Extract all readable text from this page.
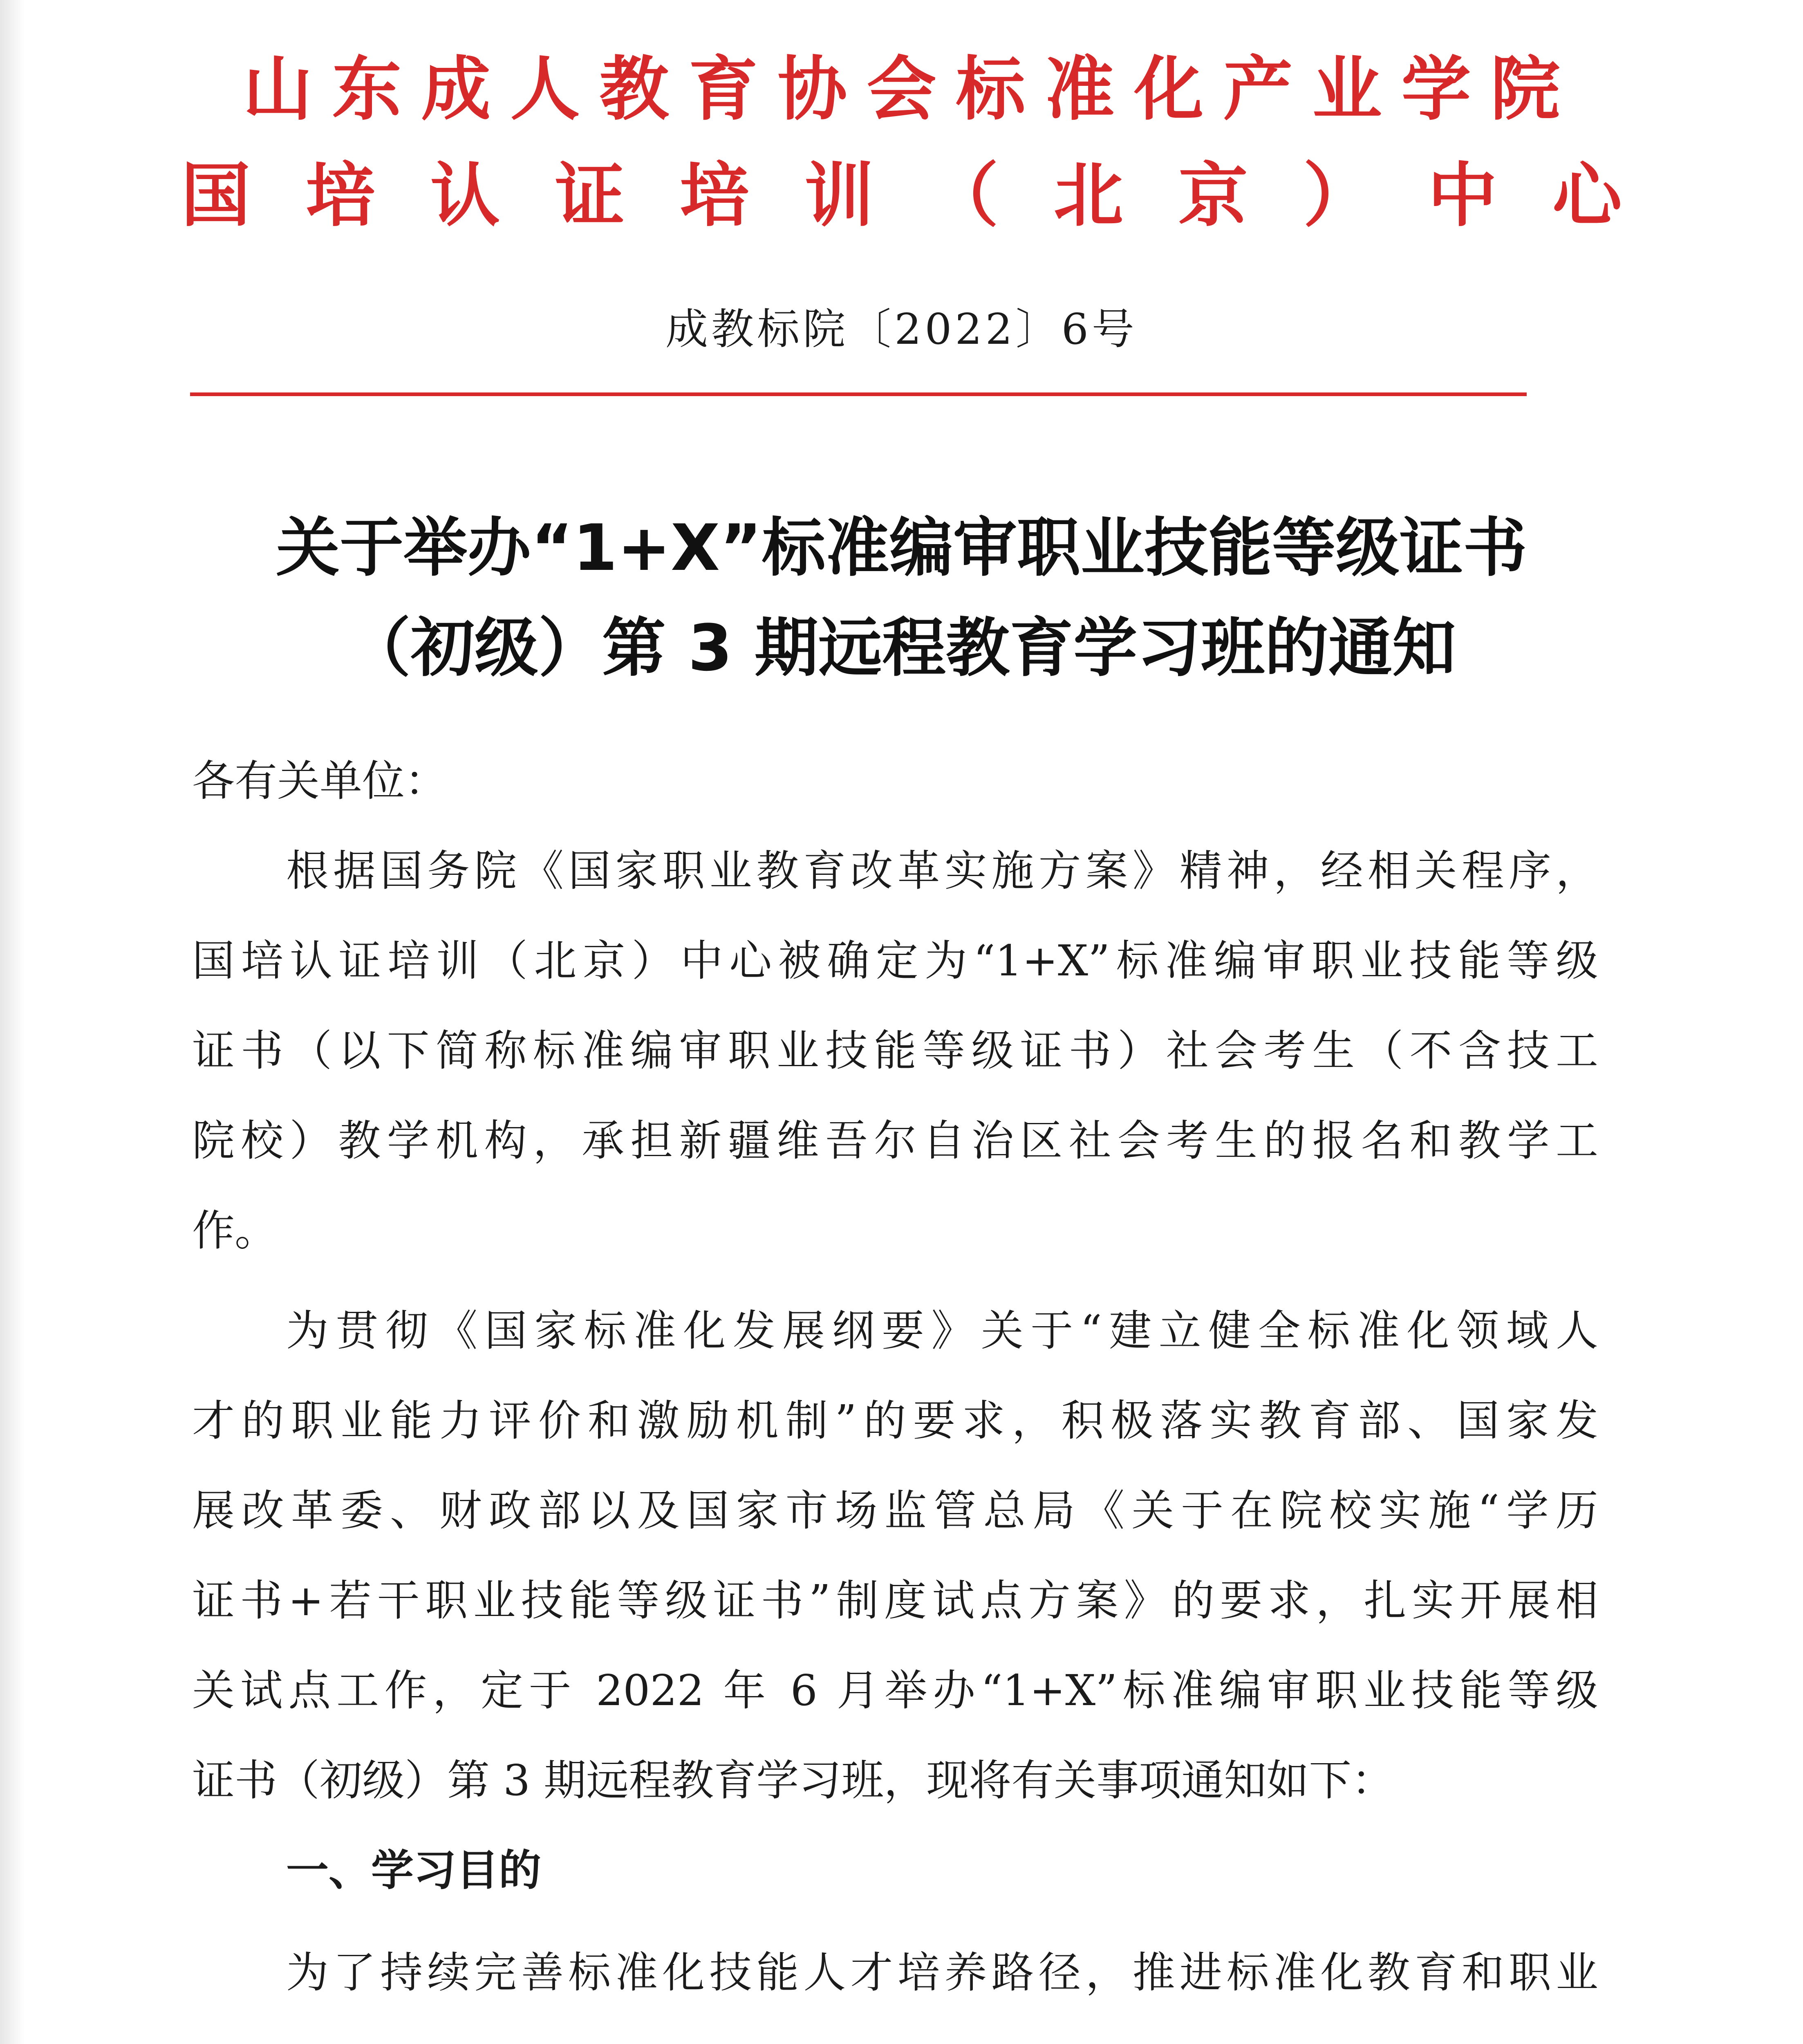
山东成人教育协会标准化产业学院
国培认证培训（北京）中心
成教标院〔2022〕6号
关于举办“1+X”标准编审职业技能等级证书
（初级）第 3 期远程教育学习班的通知
各有关单位：
根据国务院《国家职业教育改革实施方案》精神，经相关程序，
国培认证培训（北京）中心被确定为“1+X”标准编审职业技能等级
证书（以下简称标准编审职业技能等级证书）社会考生（不含技工
院校）教学机构，承担新疆维吾尔自治区社会考生的报名和教学工
作。
为贯彻《国家标准化发展纲要》关于“建立健全标准化领域人
才的职业能力评价和激励机制”的要求，积极落实教育部、国家发
展改革委、财政部以及国家市场监管总局《关于在院校实施“学历
证书+若干职业技能等级证书”制度试点方案》的要求，扎实开展相
关试点工作，定于 2022 年 6 月举办“1+X”标准编审职业技能等级
证书（初级）第 3 期远程教育学习班，现将有关事项通知如下：
一、学习目的
为了持续完善标准化技能人才培养路径，推进标准化教育和职业
